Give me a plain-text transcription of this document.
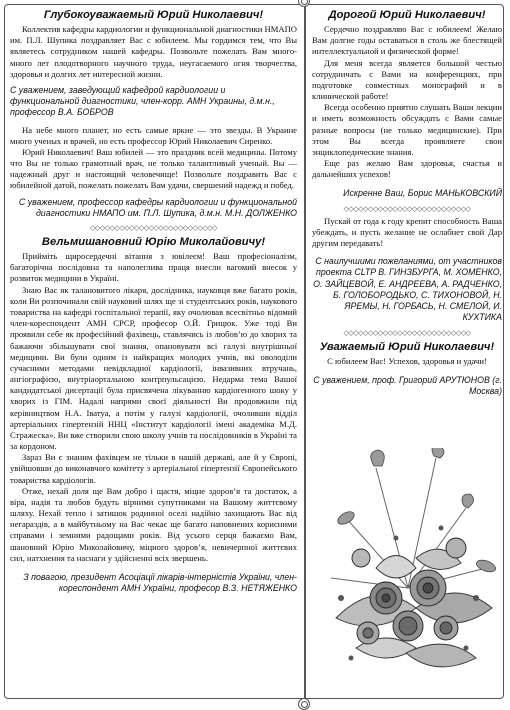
Глубокоуважаемый Юрий Николаевич!

Коллектив кафедры кардиологии и функциональной диагностики НМАПО им. П.Л. Шупика поздравляет Вас с юбилеем. Мы гордимся тем, что Вы являетесь сотрудником нашей кафедры. Позвольте пожелать Вам много-много лет плодотворного научного труда, неугасаемого огня творчества, здоровья и долгих лет интересной жизни.

С уважением, заведующий кафедрой кардиологии и функциональной диагностики, член-корр. АМН Украины, д.м.н., профессор В.А. БОБРОВ

На небе много планет, но есть самые яркие — это звезды. В Украине много ученых и врачей, но есть профессор Юрий Николаевич Сиренко.

Юрий Николаевич! Ваш юбилей — это праздник всей медицины. Потому что Вы не только грамотный врач, не только талантливый ученый. Вы — надежный друг и настоящий человечище! Позвольте поздравить Вас с юбилейной датой, пожелать пожелать Вам удачи, свершений надежд и побед.

С уважением, профессор кафедры кардиологии и функциональной диагностики НМАПО им. П.Л. Шупика, д.м.н. М.Н. ДОЛЖЕНКО
◇◇◇◇◇◇◇◇◇◇◇◇◇◇◇◇◇◇◇◇◇◇◇◇◇◇
Вельмишановний Юрію Миколайовичу!

Прийміть щиросердечні вітання з ювілеєм! Ваш професіоналізм, багаторічна послідовна та наполеглива праця внесли вагомий внесок у розвиток медицини в Україні.

Знаю Вас як талановитого лікаря, дослідника, науковця вже багато років, коли Ви розпочинали свій науковий шлях ще зі студентських років, наукового товариства на кафедрі госпітальної терапії, яку очолював всесвітньо відомий член-кореспондент АМН СРСР, професор О.Й. Грицюк. Уже тоді Ви проявили себе як професійний фахівець, ставлячись із любов’ю до хворих та бажаючи збільшувати свої знання, опановувати всі галузі внутрішньої медицини. Ви були одним із найкращих молодих учнів, які оволоділи сучасними методами невідкладної кардіології, інвазивних втручань, ангіографією, внутріаортальною контрпульсацією. Недарма тема Вашої кандидатської дисертації була присвячена лікуванню кардіогенного шоку у хворих із ГІМ. Надалі напрями своєї діяльності Ви продовжили під керівництвом Н.А. Іватуа, а потім у галузі кардіології, очоливши відділ артеріальних гіпертензій ННЦ «Інститут кардіології імені академіка М.Д. Стражеска». Ви вже створили свою школу учнів та послідовників в Україні та за кордоном.

Зараз Ви є знаним фахівцем не тільки в нашій державі, але й у Європі, увійшовши до виконавчого комітету з артеріальної гіпертензії Європейського товариства кардіологів.

Отже, нехай доля ще Вам добро і щастя, міцне здоров’я та достаток, а віра, надія та любов будуть вірними супутниками на Вашому життєвому шляху. Нехай тепло і затишок родинної оселі надійно захищають Вас від негараздів, а в майбутньому на Вас чекає ще багато наповнених корисними справами і земними радощами років. Від усього серця бажаємо Вам, шановний Юрію Миколайовичу, міцного здоров’я, невичерпної життєвих сил, натхнення та наснаги у здійсненні всіх звершень.

З повагою, президент Асоціації лікарів-інтерністів України, член-кореспондент АМН України, професор В.З. НЕТЯЖЕНКО
Дорогой Юрий Николаевич!

Сердечно поздравляю Вас с юбилеем! Желаю Вам долгие годы оставаться в столь же блестящей интеллектуальной и физической форме!

Для меня всегда является большой честью сотрудничать с Вами на конференциях, при подготовке совместных монографий и в клинической работе!

Всегда особенно приятно слушать Ваши лекции и иметь возможность обсуждать с Вами самые разные вопросы (не только медицинские). При этом Вы всегда проявляете свои энциклопедические знания.

Еще раз желаю Вам здоровья, счастья и дальнейших успехов!

Искренне Ваш, Борис МАНЬКОВСКИЙ
◇◇◇◇◇◇◇◇◇◇◇◇◇◇◇◇◇◇◇◇◇◇◇◇◇◇

Пускай от года к году крепит способность Ваша убеждать, и пусть желание не ослабнет свой Дар другим передавать!

С наилучшими пожеланиями, от участников проекта CLTP В. ГИНЗБУРГА, М. ХОМЕНКО, О. ЗАЙЦЕВОЙ, Е. АНДРЕЕВА, А. РАДЧЕНКО, Б. ГОЛОБОРОДЬКО, С. ТИХОНОВОЙ, Н. ЯРЕМЫ, Н. ГОРБАСЬ, Н. СМЕЛОЙ, И. КУХТИКА
◇◇◇◇◇◇◇◇◇◇◇◇◇◇◇◇◇◇◇◇◇◇◇◇◇◇
Уважаемый Юрий Николаевич!

С юбилеем Вас! Успехов, здоровья и удачи!

С уважением, проф. Григорий АРУТЮНОВ (г. Москва)
